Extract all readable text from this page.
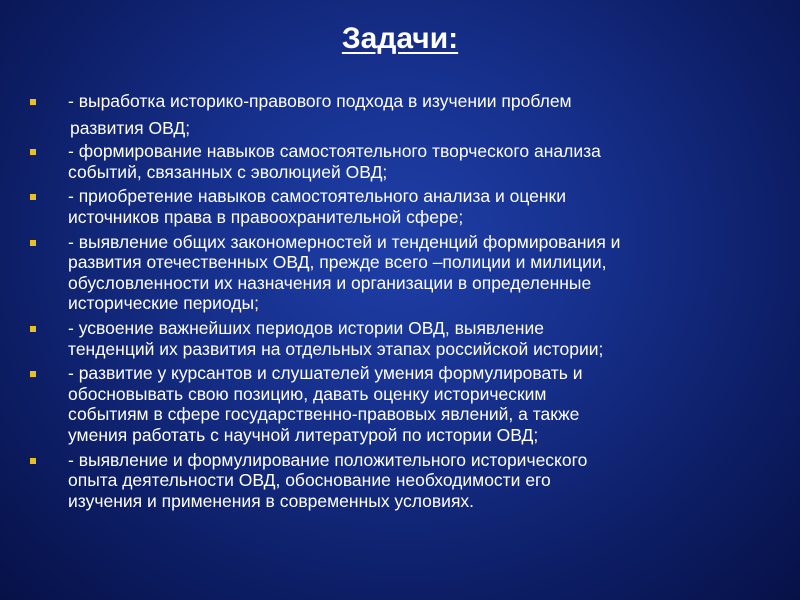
Задачи:
- выработка историко-правового подхода в изучении проблем
развития ОВД;
- формирование навыков самостоятельного творческого анализа
событий, связанных с эволюцией ОВД;
- приобретение навыков самостоятельного анализа и оценки
источников права в правоохранительной сфере;
- выявление общих закономерностей и тенденций формирования и
развития отечественных ОВД, прежде всего –полиции и милиции,
обусловленности их назначения и организации в определенные
исторические периоды;
- усвоение важнейших периодов истории ОВД, выявление
тенденций их развития на отдельных этапах российской истории;
- развитие у курсантов и слушателей умения формулировать и
обосновывать свою позицию, давать оценку историческим
событиям в сфере государственно-правовых явлений, а также
умения работать с научной литературой по истории ОВД;
- выявление и формулирование положительного исторического
опыта деятельности ОВД, обоснование необходимости его
изучения и применения в современных условиях.
